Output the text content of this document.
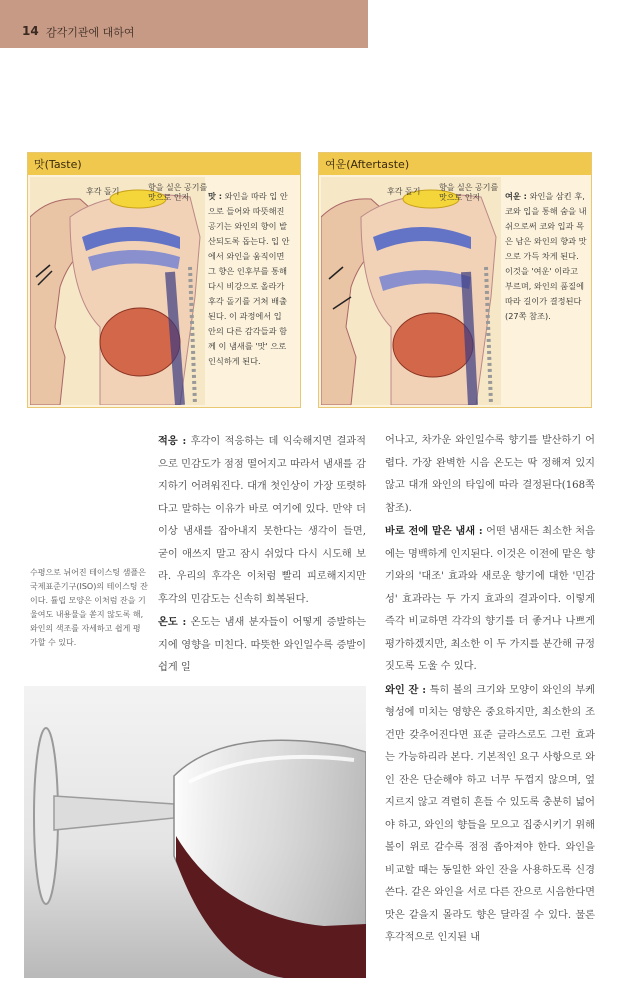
14 감각기관에 대하여
맛(Taste)
후각 돌기	향을 실은 공기를
맛으로 인지 맛 : 와인을 따라 입 안
으로 들어와 따뜻해진
공기는 와인의 향이 발
산되도록 돕는다. 입 안
에서 와인을 움직이면
그 향은 인후부를 통해
다시 비강으로 올라가
후각 돌기를 거쳐 배출
된다. 이 과정에서 입
안의 다른 감각들과 함
께 이 냄새를 '맛' 으로
인식하게 된다.
여운(Aftertaste)
후각 돌기 향을 실은 공기를
맛으로 인지	여운 : 와인을 삼킨 후,
코와 입을 통해 숨을 내
쉬으로써 코와 입과 목
은 남은 와인의 향과 맛
으로 가득 차게 된다.
이것을 '여운' 이라고
부르며, 와인의 품질에
따라 길이가 결정된다
(27쪽 참조).
수평으로 뉘어진 테이스팅 샘플은 국제표준기구(ISO)의 테이스팅 잔이다. 튤립 모양은 이처럼 잔을 기울여도 내용물을 쏟지 않도록 해, 와인의 색조를 자세하고 쉽게 평가할 수 있다.

적응 : 후각이 적응하는 데 익숙해지면 결과적으로 민감도가 점점 떨어지고 따라서 냄새를 감지하기 어려워진다. 대개 첫인상이 가장 또렷하다고 말하는 이유가 바로 여기에 있다. 만약 더 이상 냄새를 잡아내지 못한다는 생각이 들면, 굳이 애쓰지 말고 잠시 쉬었다 다시 시도해 보라. 우리의 후각은 이처럼 빨리 피로해지지만 후각의 민감도는 신속히 회복된다.

온도 : 온도는 냄새 분자들이 어떻게 증발하는지에 영향을 미친다. 따뜻한 와인일수록 증발이 쉽게 일

어나고, 차가운 와인일수록 향기를 발산하기 어렵다. 가장 완벽한 시음 온도는 딱 정해져 있지 않고 대개 와인의 타입에 따라 결정된다(168쪽 참조).

바로 전에 맡은 냄새 : 어떤 냄새든 최소한 처음에는 명백하게 인지된다. 이것은 이전에 맡은 향기와의 '대조' 효과와 새로운 향기에 대한 '민감성' 효과라는 두 가지 효과의 결과이다. 이렇게 즉각 비교하면 각각의 향기를 더 좋거나 나쁘게 평가하겠지만, 최소한 이 두 가지를 분간해 규정짓도록 도울 수 있다.

와인 잔 : 특히 볼의 크기와 모양이 와인의 부케 형성에 미치는 영향은 중요하지만, 최소한의 조건만 갖추어진다면 표준 글라스로도 그런 효과는 가능하리라 본다. 기본적인 요구 사항으로 와인 잔은 단순해야 하고 너무 두껍지 않으며, 엎지르지 않고 격렬히 흔들 수 있도록 충분히 넓어야 하고, 와인의 향들을 모으고 집중시키기 위해 볼이 위로 갈수록 점점 좁아져야 한다. 와인을 비교할 때는 동일한 와인 잔을 사용하도록 신경 쓴다. 같은 와인을 서로 다른 잔으로 시음한다면 맛은 같을지 몰라도 향은 달라질 수 있다. 물론 후각적으로 인지된 내
